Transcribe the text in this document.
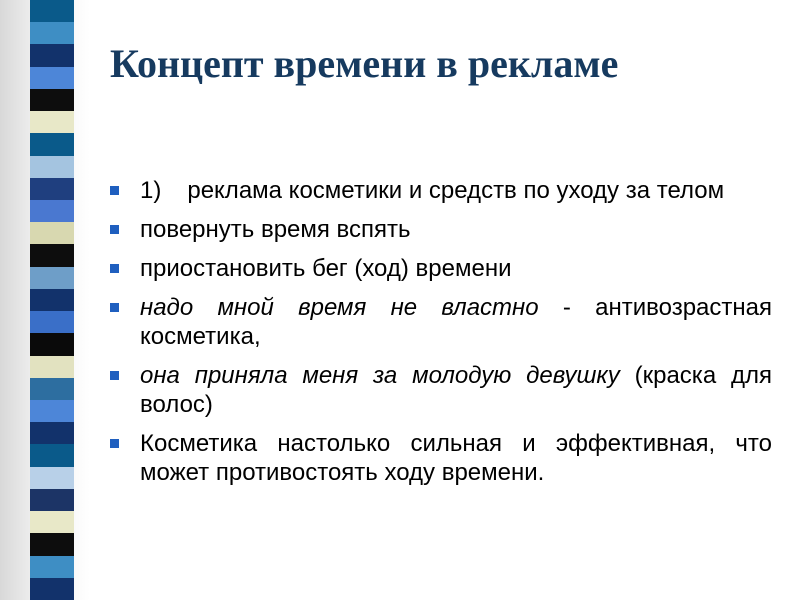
Концепт времени в рекламе
1) реклама косметики и средств по уходу за телом
повернуть время вспять
приостановить бег (ход) времени
надо мной время не властно - антивозрастная косметика,
она приняла меня за молодую девушку (краска для волос)
Косметика настолько сильная и эффективная, что может противостоять ходу времени.
